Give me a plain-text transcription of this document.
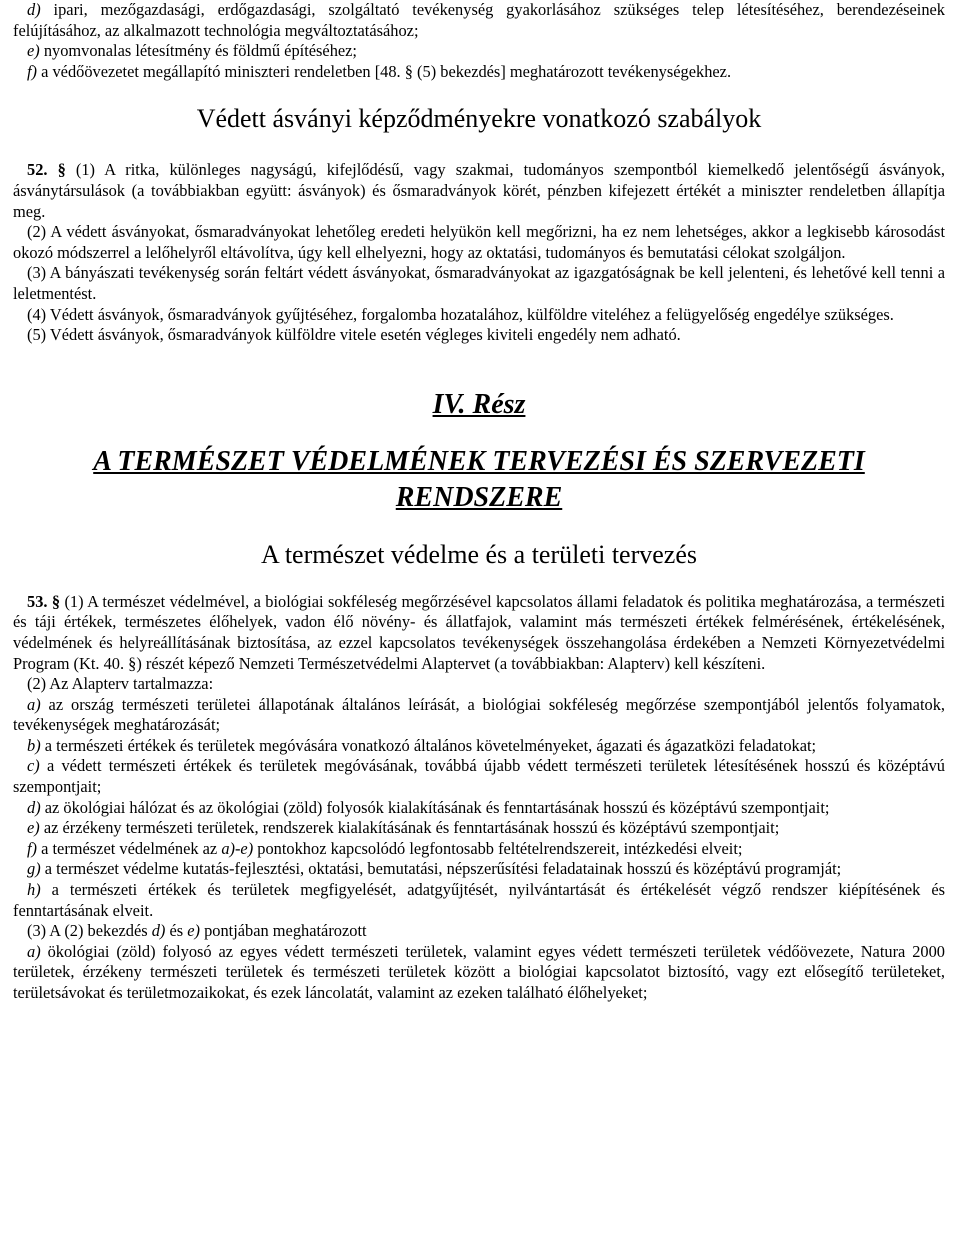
d) ipari, mezőgazdasági, erdőgazdasági, szolgáltató tevékenység gyakorlásához szükséges telep létesítéséhez, berendezéseinek felújításához, az alkalmazott technológia megváltoztatásához;

e) nyomvonalas létesítmény és földmű építéséhez;

f) a védőövezetet megállapító miniszteri rendeletben [48. § (5) bekezdés] meghatározott tevékenységekhez.

Védett ásványi képződményekre vonatkozó szabályok

52. § (1) A ritka, különleges nagyságú, kifejlődésű, vagy szakmai, tudományos szempontból kiemelkedő jelentőségű ásványok, ásványtársulások (a továbbiakban együtt: ásványok) és ősmaradványok körét, pénzben kifejezett értékét a miniszter rendeletben állapítja meg.

(2) A védett ásványokat, ősmaradványokat lehetőleg eredeti helyükön kell megőrizni, ha ez nem lehetséges, akkor a legkisebb károsodást okozó módszerrel a lelőhelyről eltávolítva, úgy kell elhelyezni, hogy az oktatási, tudományos és bemutatási célokat szolgáljon.

(3) A bányászati tevékenység során feltárt védett ásványokat, ősmaradványokat az igazgatóságnak be kell jelenteni, és lehetővé kell tenni a leletmentést.

(4) Védett ásványok, ősmaradványok gyűjtéséhez, forgalomba hozatalához, külföldre viteléhez a felügyelőség engedélye szükséges.

(5) Védett ásványok, ősmaradványok külföldre vitele esetén végleges kiviteli engedély nem adható.

IV. Rész
A TERMÉSZET VÉDELMÉNEK TERVEZÉSI ÉS SZERVEZETI
RENDSZERE
A természet védelme és a területi tervezés

53. § (1) A természet védelmével, a biológiai sokféleség megőrzésével kapcsolatos állami feladatok és politika meghatározása, a természeti és táji értékek, természetes élőhelyek, vadon élő növény- és állatfajok, valamint más természeti értékek felmérésének, értékelésének, védelmének és helyreállításának biztosítása, az ezzel kapcsolatos tevékenységek összehangolása érdekében a Nemzeti Környezetvédelmi Program (Kt. 40. §) részét képező Nemzeti Természetvédelmi Alaptervet (a továbbiakban: Alapterv) kell készíteni.

(2) Az Alapterv tartalmazza:

a) az ország természeti területei állapotának általános leírását, a biológiai sokféleség megőrzése szempontjából jelentős folyamatok, tevékenységek meghatározását;

b) a természeti értékek és területek megóvására vonatkozó általános követelményeket, ágazati és ágazatközi feladatokat;

c) a védett természeti értékek és területek megóvásának, továbbá újabb védett természeti területek létesítésének hosszú és középtávú szempontjait;

d) az ökológiai hálózat és az ökológiai (zöld) folyosók kialakításának és fenntartásának hosszú és középtávú szempontjait;

e) az érzékeny természeti területek, rendszerek kialakításának és fenntartásának hosszú és középtávú szempontjait;

f) a természet védelmének az a)-e) pontokhoz kapcsolódó legfontosabb feltételrendszereit, intézkedési elveit;

g) a természet védelme kutatás-fejlesztési, oktatási, bemutatási, népszerűsítési feladatainak hosszú és középtávú programját;

h) a természeti értékek és területek megfigyelését, adatgyűjtését, nyilvántartását és értékelését végző rendszer kiépítésének és fenntartásának elveit.

(3) A (2) bekezdés d) és e) pontjában meghatározott

a) ökológiai (zöld) folyosó az egyes védett természeti területek, valamint egyes védett természeti területek védőövezete, Natura 2000 területek, érzékeny természeti területek és természeti területek között a biológiai kapcsolatot biztosító, vagy ezt elősegítő területeket, területsávokat és területmozaikokat, és ezek láncolatát, valamint az ezeken található élőhelyeket;
